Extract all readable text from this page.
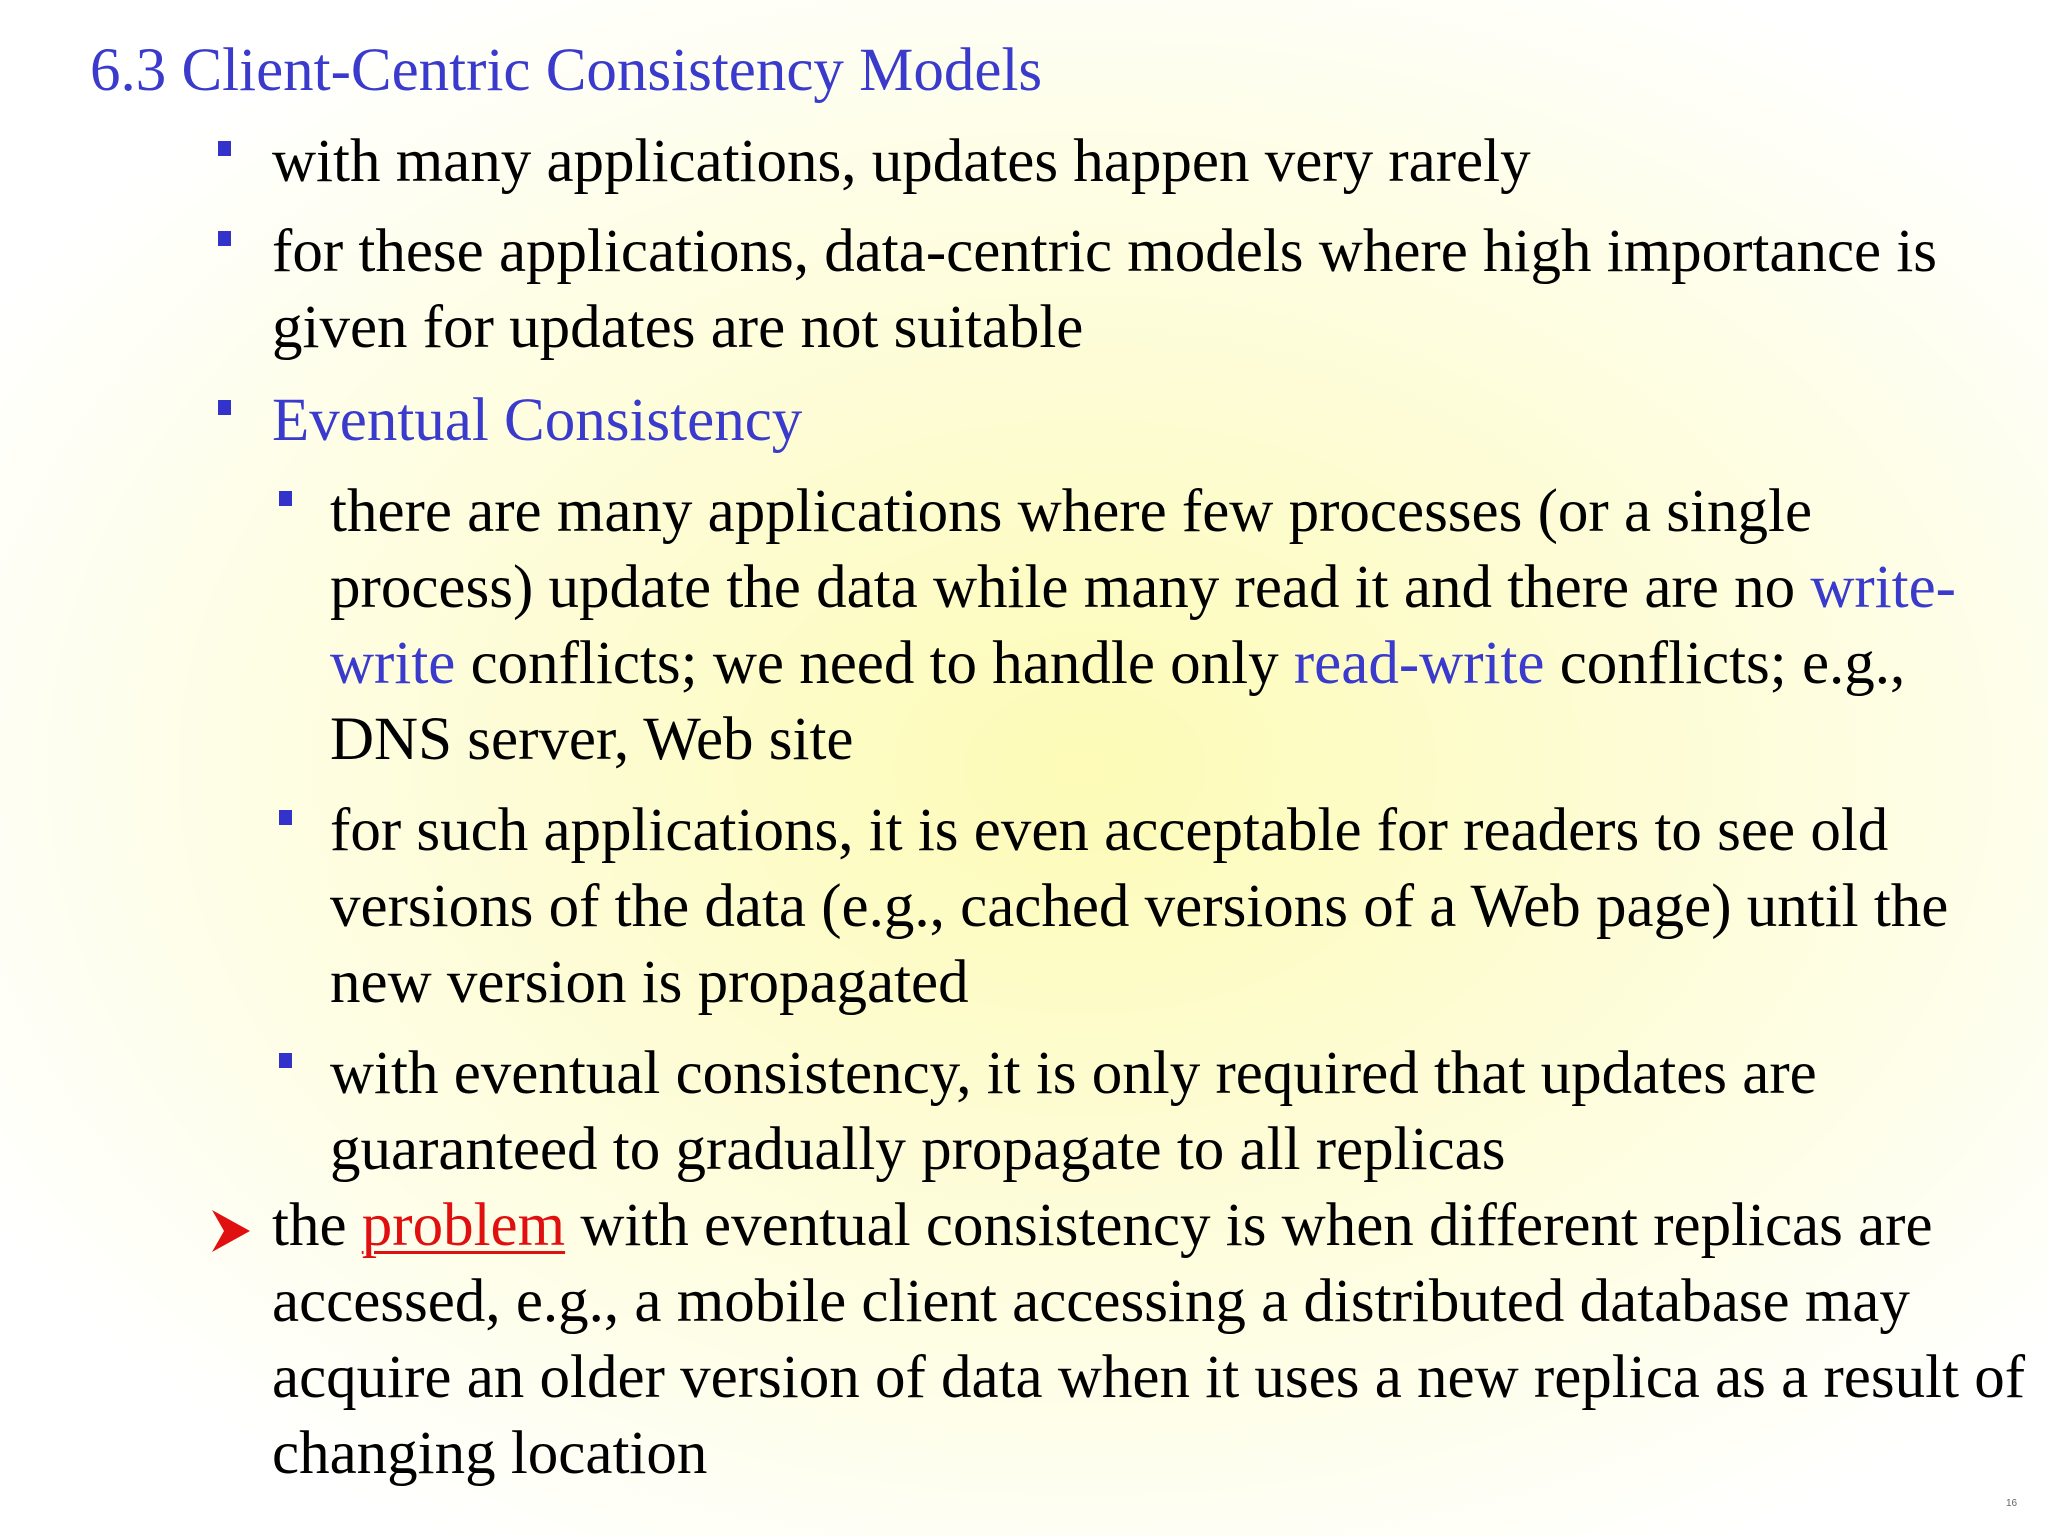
6.3 Client-Centric Consistency Models

with many applications, updates happen very rarely

for these applications, data-centric models where high importance is given for updates are not suitable

Eventual Consistency

there are many applications where few processes (or a single process) update the data while many read it and there are no write-write conflicts; we need to handle only read-write conflicts; e.g., DNS server, Web site

for such applications, it is even acceptable for readers to see old versions of the data (e.g., cached versions of a Web page) until the new version is propagated

with eventual consistency, it is only required that updates are guaranteed to gradually propagate to all replicas

the problem with eventual consistency is when different replicas are accessed, e.g., a mobile client accessing a distributed database may acquire an older version of data when it uses a new replica as a result of changing location

16
